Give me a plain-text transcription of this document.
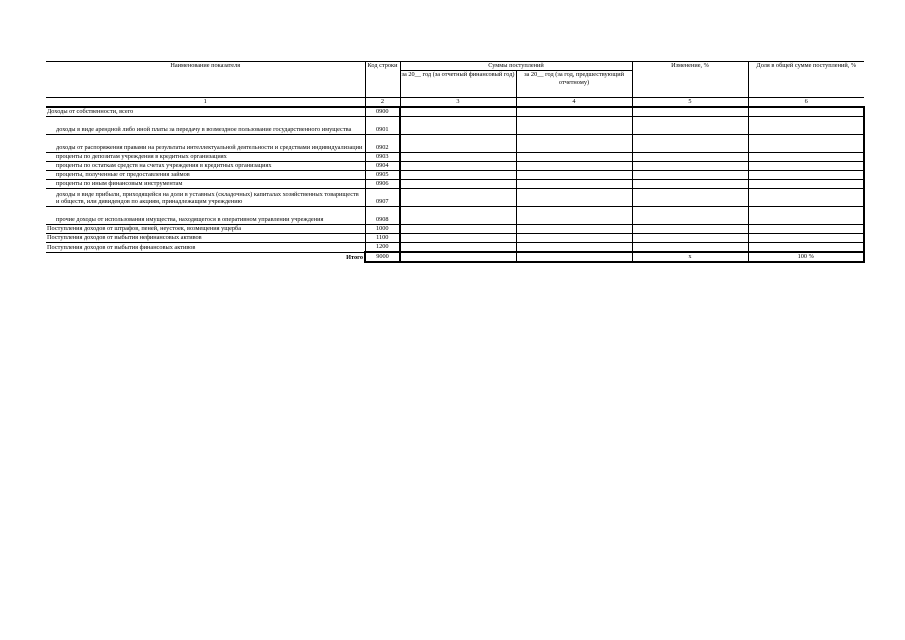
Наименование показателя	Код строки	Суммы поступлений		Изменение, %	Доля в общей сумме поступлений, %
		за 20__ год (за отчетный финансовый год)	за 20__ год (за год, предшествующий отчетному)		
1	2	3	4	5	6
Доходы от собственности, всего	0900				
доходы в виде арендной либо иной платы за передачу в возмездное пользование государственного имущества	0901				
доходы от распоряжения правами на результаты интеллектуальной деятельности и средствами индивидуализации	0902				
проценты по депозитам учреждения в кредитных организациях	0903				
проценты по остаткам средств на счетах учреждения в кредитных организациях	0904				
проценты, полученные от предоставления займов	0905				
проценты по иным финансовым инструментам	0906				
доходы в виде прибыли, приходящейся на доли в уставных (складочных) капиталах хозяйственных товариществ и обществ, или дивидендов по акциям, принадлежащим учреждению	0907				
прочие доходы от использования имущества, находящегося в оперативном управлении учреждения	0908				
Поступления доходов от штрафов, пеней, неустоек, возмещения ущерба	1000				
Поступления доходов от выбытия нефинансовых активов	1100				
Поступления доходов от выбытия финансовых активов	1200				
Итого	9000			x	100 %
